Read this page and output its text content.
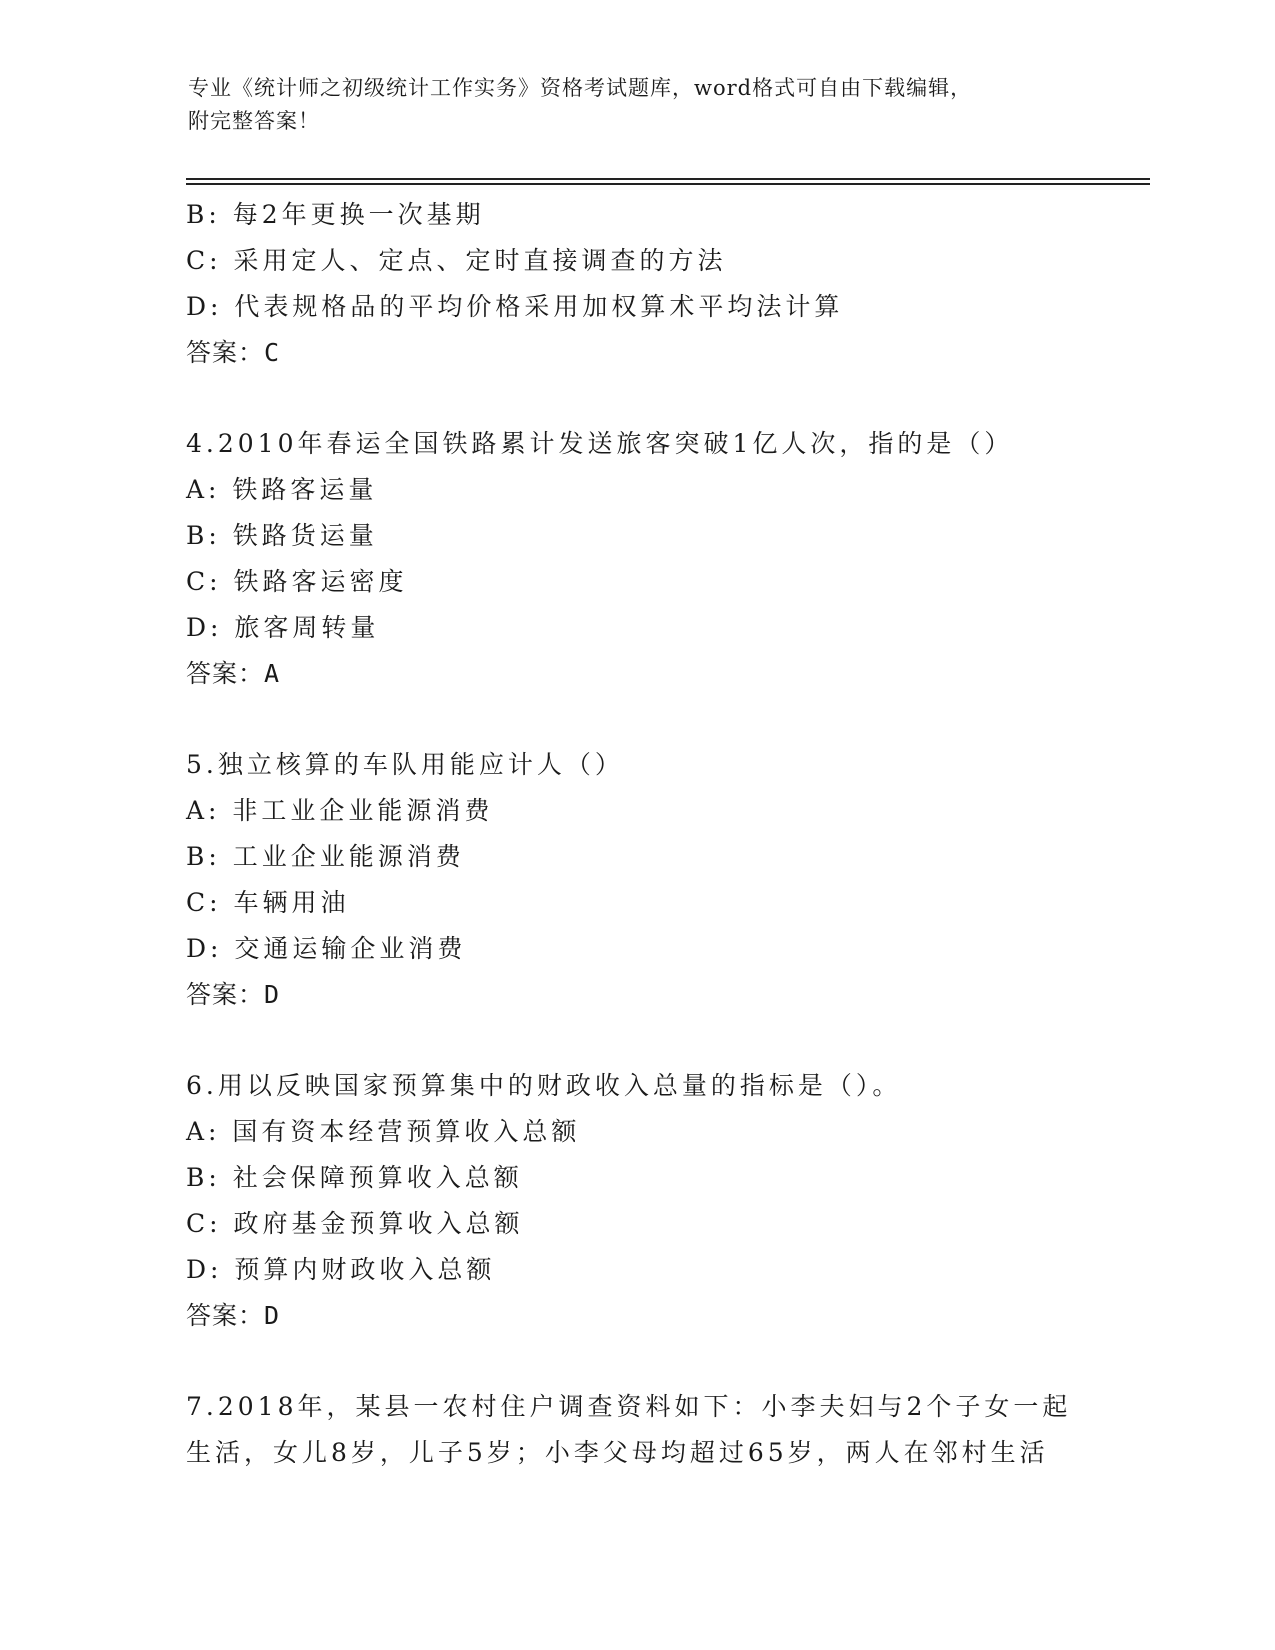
专业《统计师之初级统计工作实务》资格考试题库，word格式可自由下载编辑，
附完整答案！
B: 每2年更换一次基期
C: 采用定人、定点、定时直接调查的方法
D: 代表规格品的平均价格采用加权算术平均法计算
答案：C
4.2010年春运全国铁路累计发送旅客突破1亿人次，指的是（）
A: 铁路客运量
B: 铁路货运量
C: 铁路客运密度
D: 旅客周转量
答案：A
5.独立核算的车队用能应计人（）
A: 非工业企业能源消费
B: 工业企业能源消费
C: 车辆用油
D: 交通运输企业消费
答案：D
6.用以反映国家预算集中的财政收入总量的指标是（）。
A: 国有资本经营预算收入总额
B: 社会保障预算收入总额
C: 政府基金预算收入总额
D: 预算内财政收入总额
答案：D
7.2018年，某县一农村住户调查资料如下：小李夫妇与2个子女一起
生活，女儿8岁，儿子5岁；小李父母均超过65岁，两人在邻村生活
